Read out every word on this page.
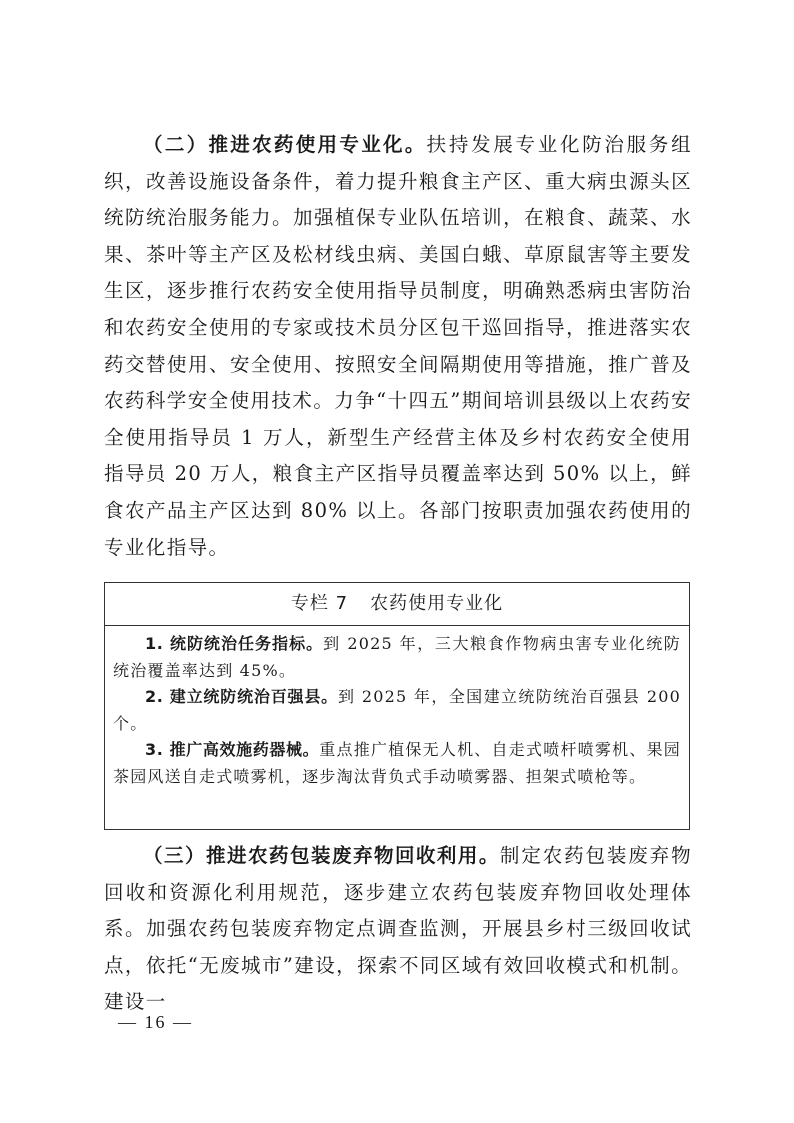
（二）推进农药使用专业化。扶持发展专业化防治服务组织，改善设施设备条件，着力提升粮食主产区、重大病虫源头区统防统治服务能力。加强植保专业队伍培训，在粮食、蔬菜、水果、茶叶等主产区及松材线虫病、美国白蛾、草原鼠害等主要发生区，逐步推行农药安全使用指导员制度，明确熟悉病虫害防治和农药安全使用的专家或技术员分区包干巡回指导，推进落实农药交替使用、安全使用、按照安全间隔期使用等措施，推广普及农药科学安全使用技术。力争“十四五”期间培训县级以上农药安全使用指导员 1 万人，新型生产经营主体及乡村农药安全使用指导员 20 万人，粮食主产区指导员覆盖率达到 50% 以上，鲜食农产品主产区达到 80% 以上。各部门按职责加强农药使用的专业化指导。

专栏 7 农药使用专业化

1. 统防统治任务指标。到 2025 年，三大粮食作物病虫害专业化统防统治覆盖率达到 45%。

2. 建立统防统治百强县。到 2025 年，全国建立统防统治百强县 200 个。

3. 推广高效施药器械。重点推广植保无人机、自走式喷杆喷雾机、果园茶园风送自走式喷雾机，逐步淘汰背负式手动喷雾器、担架式喷枪等。

（三）推进农药包装废弃物回收利用。制定农药包装废弃物回收和资源化利用规范，逐步建立农药包装废弃物回收处理体系。加强农药包装废弃物定点调查监测，开展县乡村三级回收试点，依托“无废城市”建设，探索不同区域有效回收模式和机制。建设一

— 16 —
